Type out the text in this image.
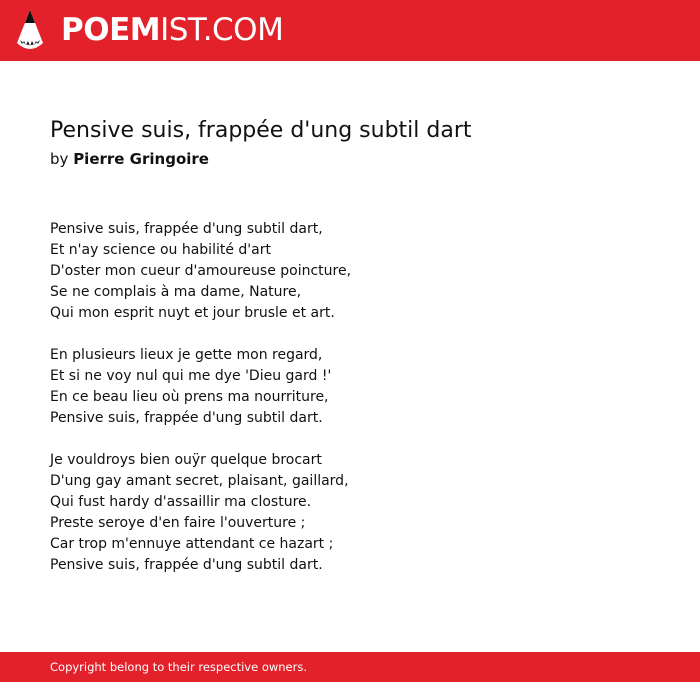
POEMIST.COM
Pensive suis, frappée d'ung subtil dart
by Pierre Gringoire
Pensive suis, frappée d'ung subtil dart,
Et n'ay science ou habilité d'art
D'oster mon cueur d'amoureuse poincture,
Se ne complais à ma dame, Nature,
Qui mon esprit nuyt et jour brusle et art.
En plusieurs lieux je gette mon regard,
Et si ne voy nul qui me dye 'Dieu gard !'
En ce beau lieu où prens ma nourriture,
Pensive suis, frappée d'ung subtil dart.
Je vouldroys bien ouÿr quelque brocart
D'ung gay amant secret, plaisant, gaillard,
Qui fust hardy d'assaillir ma closture.
Preste seroye d'en faire l'ouverture ;
Car trop m'ennuye attendant ce hazart ;
Pensive suis, frappée d'ung subtil dart.
Copyright belong to their respective owners.
